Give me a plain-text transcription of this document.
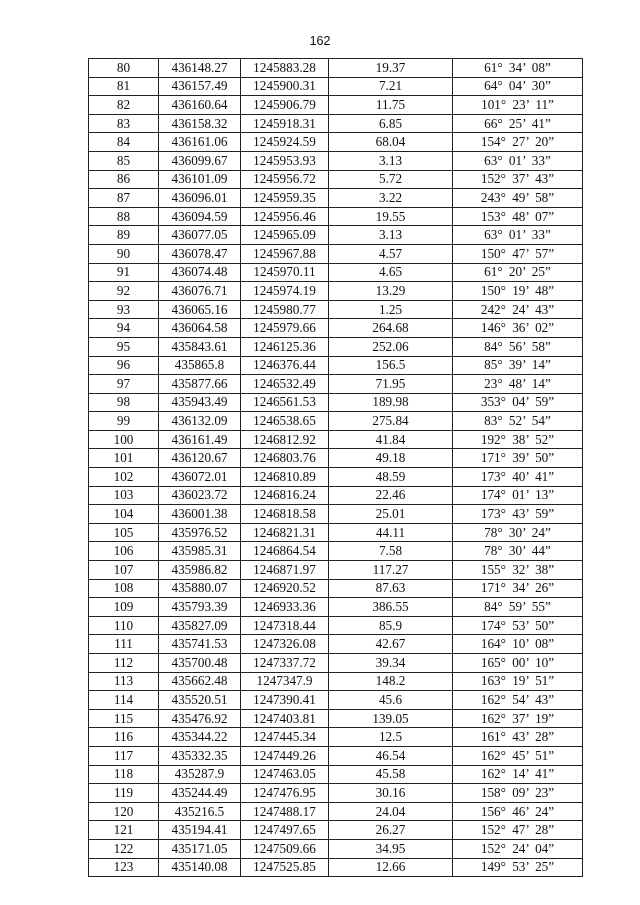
162
80	436148.27	1245883.28	19.37	61° 34’ 08”
81	436157.49	1245900.31	7.21	64° 04’ 30”
82	436160.64	1245906.79	11.75	101° 23’ 11”
83	436158.32	1245918.31	6.85	66° 25’ 41”
84	436161.06	1245924.59	68.04	154° 27’ 20”
85	436099.67	1245953.93	3.13	63° 01’ 33”
86	436101.09	1245956.72	5.72	152° 37’ 43”
87	436096.01	1245959.35	3.22	243° 49’ 58”
88	436094.59	1245956.46	19.55	153° 48’ 07”
89	436077.05	1245965.09	3.13	63° 01’ 33”
90	436078.47	1245967.88	4.57	150° 47’ 57”
91	436074.48	1245970.11	4.65	61° 20’ 25”
92	436076.71	1245974.19	13.29	150° 19’ 48”
93	436065.16	1245980.77	1.25	242° 24’ 43”
94	436064.58	1245979.66	264.68	146° 36’ 02”
95	435843.61	1246125.36	252.06	84° 56’ 58”
96	435865.8	1246376.44	156.5	85° 39’ 14”
97	435877.66	1246532.49	71.95	23° 48’ 14”
98	435943.49	1246561.53	189.98	353° 04’ 59”
99	436132.09	1246538.65	275.84	83° 52’ 54”
100	436161.49	1246812.92	41.84	192° 38’ 52”
101	436120.67	1246803.76	49.18	171° 39’ 50”
102	436072.01	1246810.89	48.59	173° 40’ 41”
103	436023.72	1246816.24	22.46	174° 01’ 13”
104	436001.38	1246818.58	25.01	173° 43’ 59”
105	435976.52	1246821.31	44.11	78° 30’ 24”
106	435985.31	1246864.54	7.58	78° 30’ 44”
107	435986.82	1246871.97	117.27	155° 32’ 38”
108	435880.07	1246920.52	87.63	171° 34’ 26”
109	435793.39	1246933.36	386.55	84° 59’ 55”
110	435827.09	1247318.44	85.9	174° 53’ 50”
111	435741.53	1247326.08	42.67	164° 10’ 08”
112	435700.48	1247337.72	39.34	165° 00’ 10”
113	435662.48	1247347.9	148.2	163° 19’ 51”
114	435520.51	1247390.41	45.6	162° 54’ 43”
115	435476.92	1247403.81	139.05	162° 37’ 19”
116	435344.22	1247445.34	12.5	161° 43’ 28”
117	435332.35	1247449.26	46.54	162° 45’ 51”
118	435287.9	1247463.05	45.58	162° 14’ 41”
119	435244.49	1247476.95	30.16	158° 09’ 23”
120	435216.5	1247488.17	24.04	156° 46’ 24”
121	435194.41	1247497.65	26.27	152° 47’ 28”
122	435171.05	1247509.66	34.95	152° 24’ 04”
123	435140.08	1247525.85	12.66	149° 53’ 25”
